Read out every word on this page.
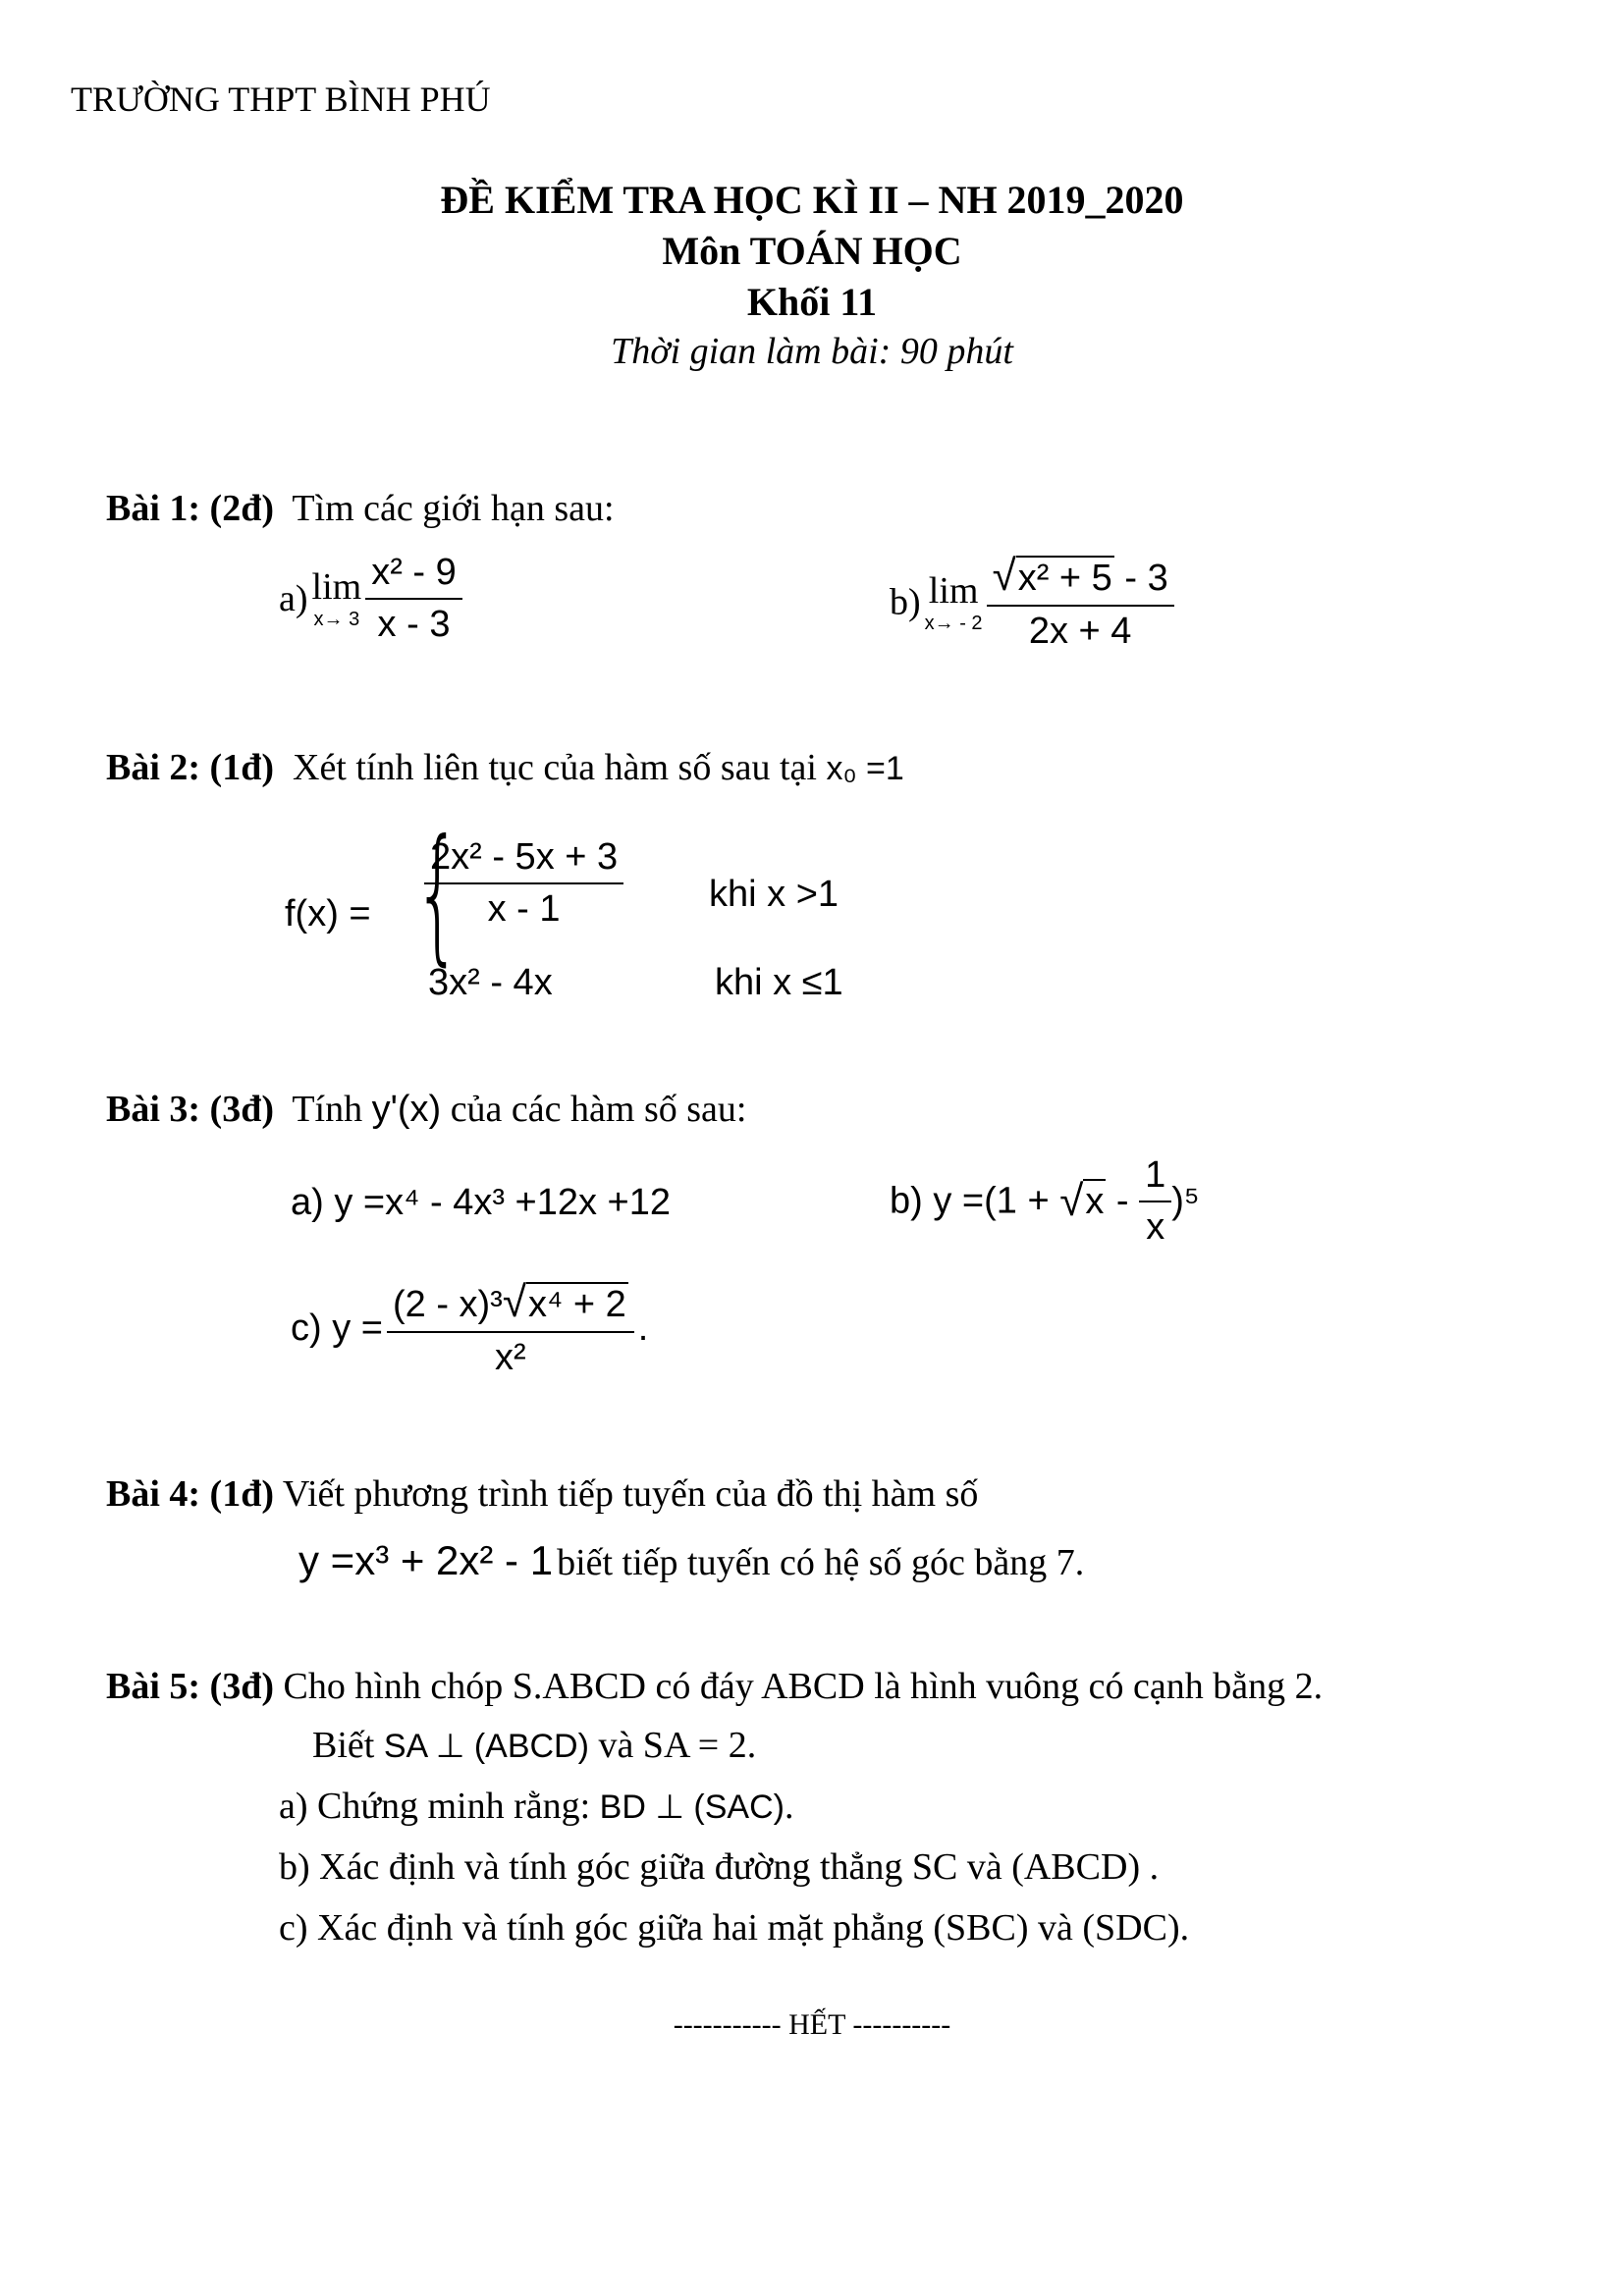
TRƯỜNG THPT BÌNH PHÚ
ĐỀ KIỂM TRA HỌC KÌ II – NH 2019_2020
Môn TOÁN HỌC
Khối 11
Thời gian làm bài: 90 phút
Bài 1: (2đ) Tìm các giới hạn sau:
a) lim
x→ 3
$\frac{\text{x² - 9}}{x - 3}$	b) lim
x→ - 2
$\frac{\text{√x² + 5 - 3}}{2x + 4}$
Bài 2: (1đ) Xét tính liên tục của hàm số sau tại x₀ =1
f(x) = {
$\frac{\text{2x² - 5x + 3}}{x - 1}$ khi x >1
3x² - 4x	khi x ≤1
Bài 3: (3đ) Tính y'(x) của các hàm số sau:
a) y =x⁴ - 4x³ +12x +12	b) $y =(1 + √x - \frac{1}{x} )^5$
c) $y = \frac{\text{(2 - x)³√x⁴ + 2}}{\text{x²}}$ .
Bài 4: (1đ) Viết phương trình tiếp tuyến của đồ thị hàm số
y =x³ + 2x² - 1 biết tiếp tuyến có hệ số góc bằng 7.
Bài 5: (3đ) Cho hình chóp S.ABCD có đáy ABCD là hình vuông có cạnh bằng 2.
Biết SA ⊥ (ABCD) và SA = 2.
a) Chứng minh rằng: BD ⊥ (SAC).
b) Xác định và tính góc giữa đường thẳng SC và (ABCD) .
c) Xác định và tính góc giữa hai mặt phẳng (SBC) và (SDC).
----------- HẾT ----------
